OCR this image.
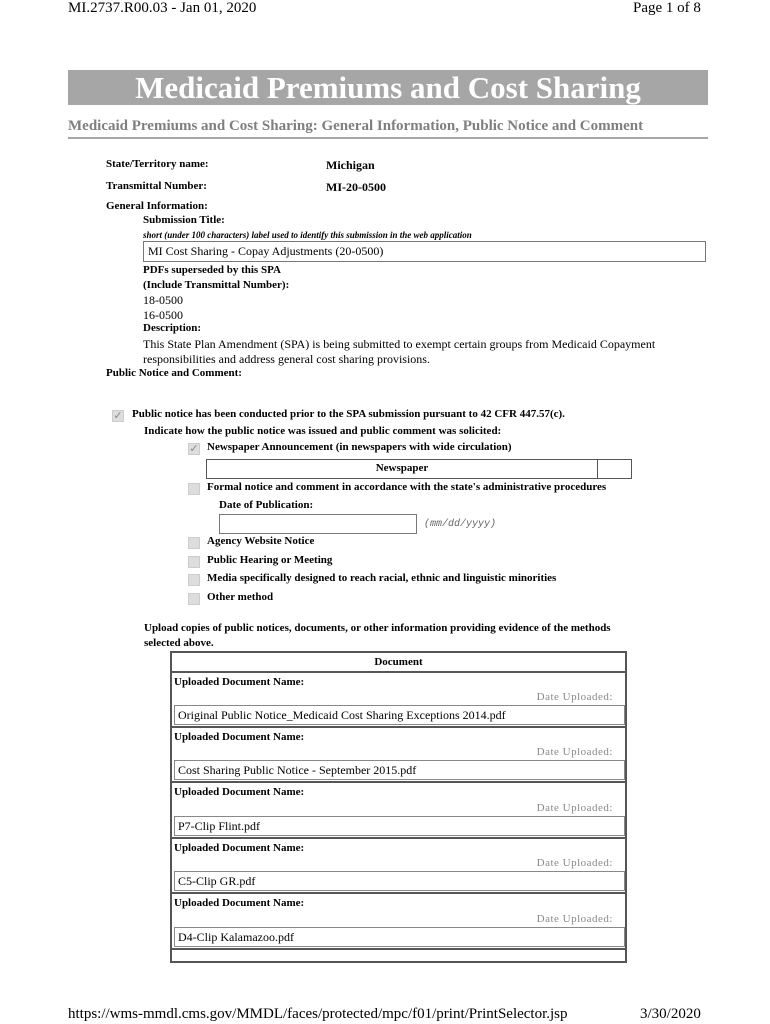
MI.2737.R00.03 - Jan 01, 2020	Page 1 of 8
Medicaid Premiums and Cost Sharing
Medicaid Premiums and Cost Sharing: General Information, Public Notice and Comment
State/Territory name:	Michigan
Transmittal Number:	MI-20-0500
General Information:
Submission Title:
short (under 100 characters) label used to identify this submission in the web application
MI Cost Sharing - Copay Adjustments (20-0500)
PDFs superseded by this SPA
(Include Transmittal Number):
18-0500
16-0500
Description:
This State Plan Amendment (SPA) is being submitted to exempt certain groups from Medicaid Copayment
responsibilities and address general cost sharing provisions.
Public Notice and Comment:
✓ Public notice has been conducted prior to the SPA submission pursuant to 42 CFR 447.57(c).
Indicate how the public notice was issued and public comment was solicited:
✓ Newspaper Announcement (in newspapers with wide circulation)
Newspaper
Formal notice and comment in accordance with the state's administrative procedures
Date of Publication:
(mm/dd/yyyy)
Agency Website Notice
Public Hearing or Meeting
Media specifically designed to reach racial, ethnic and linguistic minorities
Other method
Upload copies of public notices, documents, or other information providing evidence of the methods
selected above.
Document
Uploaded Document Name:
Date Uploaded:
Original Public Notice_Medicaid Cost Sharing Exceptions 2014.pdf
Uploaded Document Name:
Date Uploaded:
Cost Sharing Public Notice - September 2015.pdf
Uploaded Document Name:
Date Uploaded:
P7-Clip Flint.pdf
Uploaded Document Name:
Date Uploaded:
C5-Clip GR.pdf
Uploaded Document Name:
Date Uploaded:
D4-Clip Kalamazoo.pdf
https://wms-mmdl.cms.gov/MMDL/faces/protected/mpc/f01/print/PrintSelector.jsp	3/30/2020
